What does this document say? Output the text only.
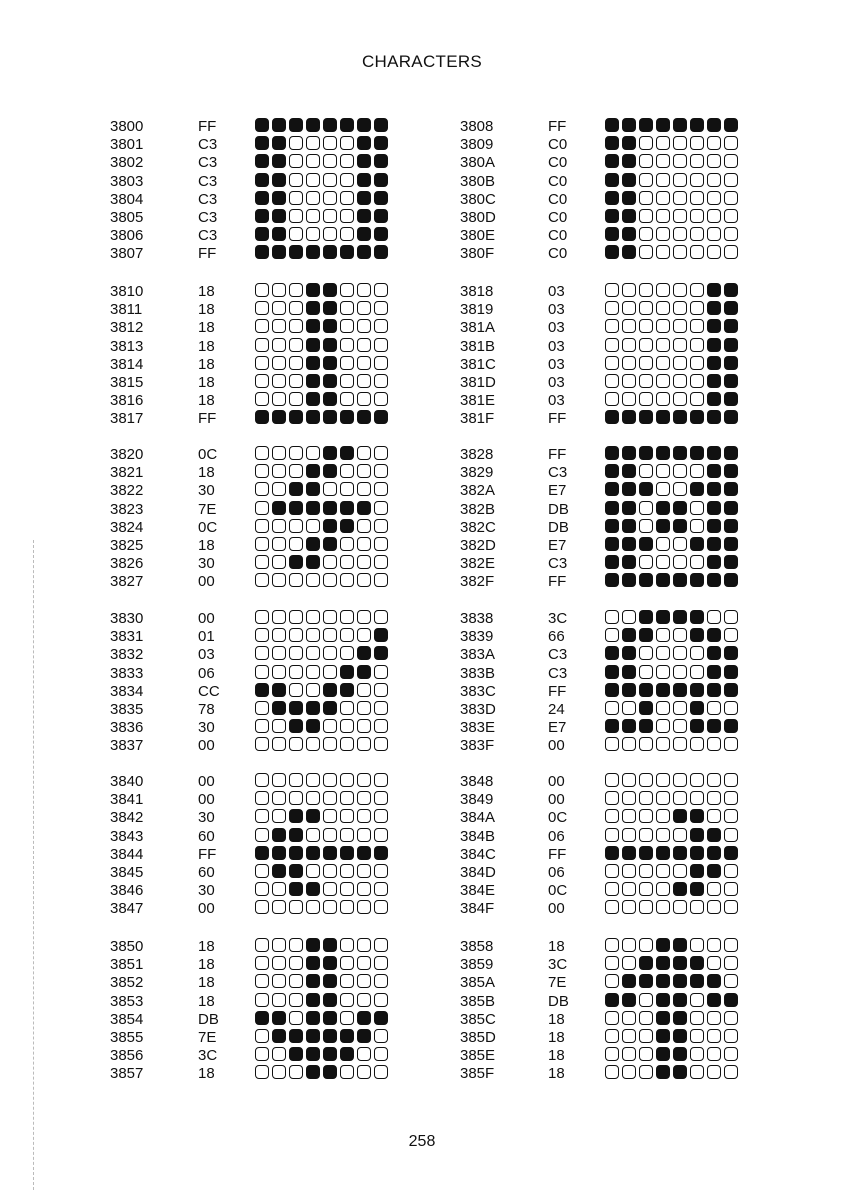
CHARACTERS
3800	FF
3801	C3
3802	C3
3803	C3
3804	C3
3805	C3
3806	C3
3807	FF
3808	FF
3809	C0
380A	C0
380B	C0
380C	C0
380D	C0
380E	C0
380F	C0
3810	18
3811	18
3812	18
3813	18
3814	18
3815	18
3816	18
3817	FF
3818	03
3819	03
381A	03
381B	03
381C	03
381D	03
381E	03
381F	FF
3820	0C
3821	18
3822	30
3823	7E
3824	0C
3825	18
3826	30
3827	00
3828	FF
3829	C3
382A	E7
382B	DB
382C	DB
382D	E7
382E	C3
382F	FF
3830	00
3831	01
3832	03
3833	06
3834	CC
3835	78
3836	30
3837	00
3838	3C
3839	66
383A	C3
383B	C3
383C	FF
383D	24
383E	E7
383F	00
3840	00
3841	00
3842	30
3843	60
3844	FF
3845	60
3846	30
3847	00
3848	00
3849	00
384A	0C
384B	06
384C	FF
384D	06
384E	0C
384F	00
3850	18
3851	18
3852	18
3853	18
3854	DB
3855	7E
3856	3C
3857	18
3858	18
3859	3C
385A	7E
385B	DB
385C	18
385D	18
385E	18
385F	18
258
